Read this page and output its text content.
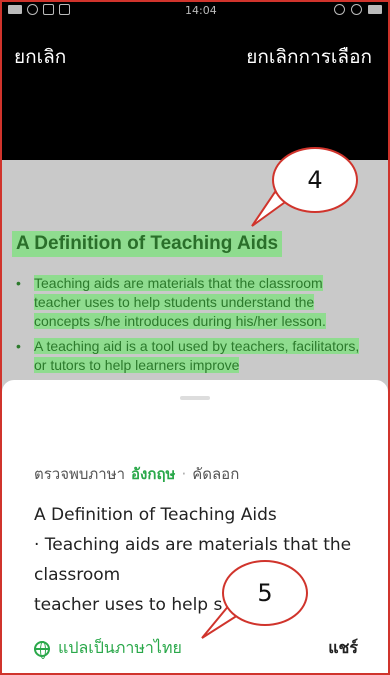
14:04
ยกเลิก	ยกเลิกการเลือก
A Definition of Teaching Aids
• Teaching aids are materials that the classroom teacher uses to help students understand the concepts s/he introduces during his/her lesson.
• A teaching aid is a tool used by teachers, facilitators, or tutors to help learners improve
4
ตรวจพบภาษา อังกฤษ · คัดลอก
A Definition of Teaching Aids
· Teaching aids are materials that the
classroom
teacher uses to help s
แปลเป็นภาษาไทย	แชร์
5
